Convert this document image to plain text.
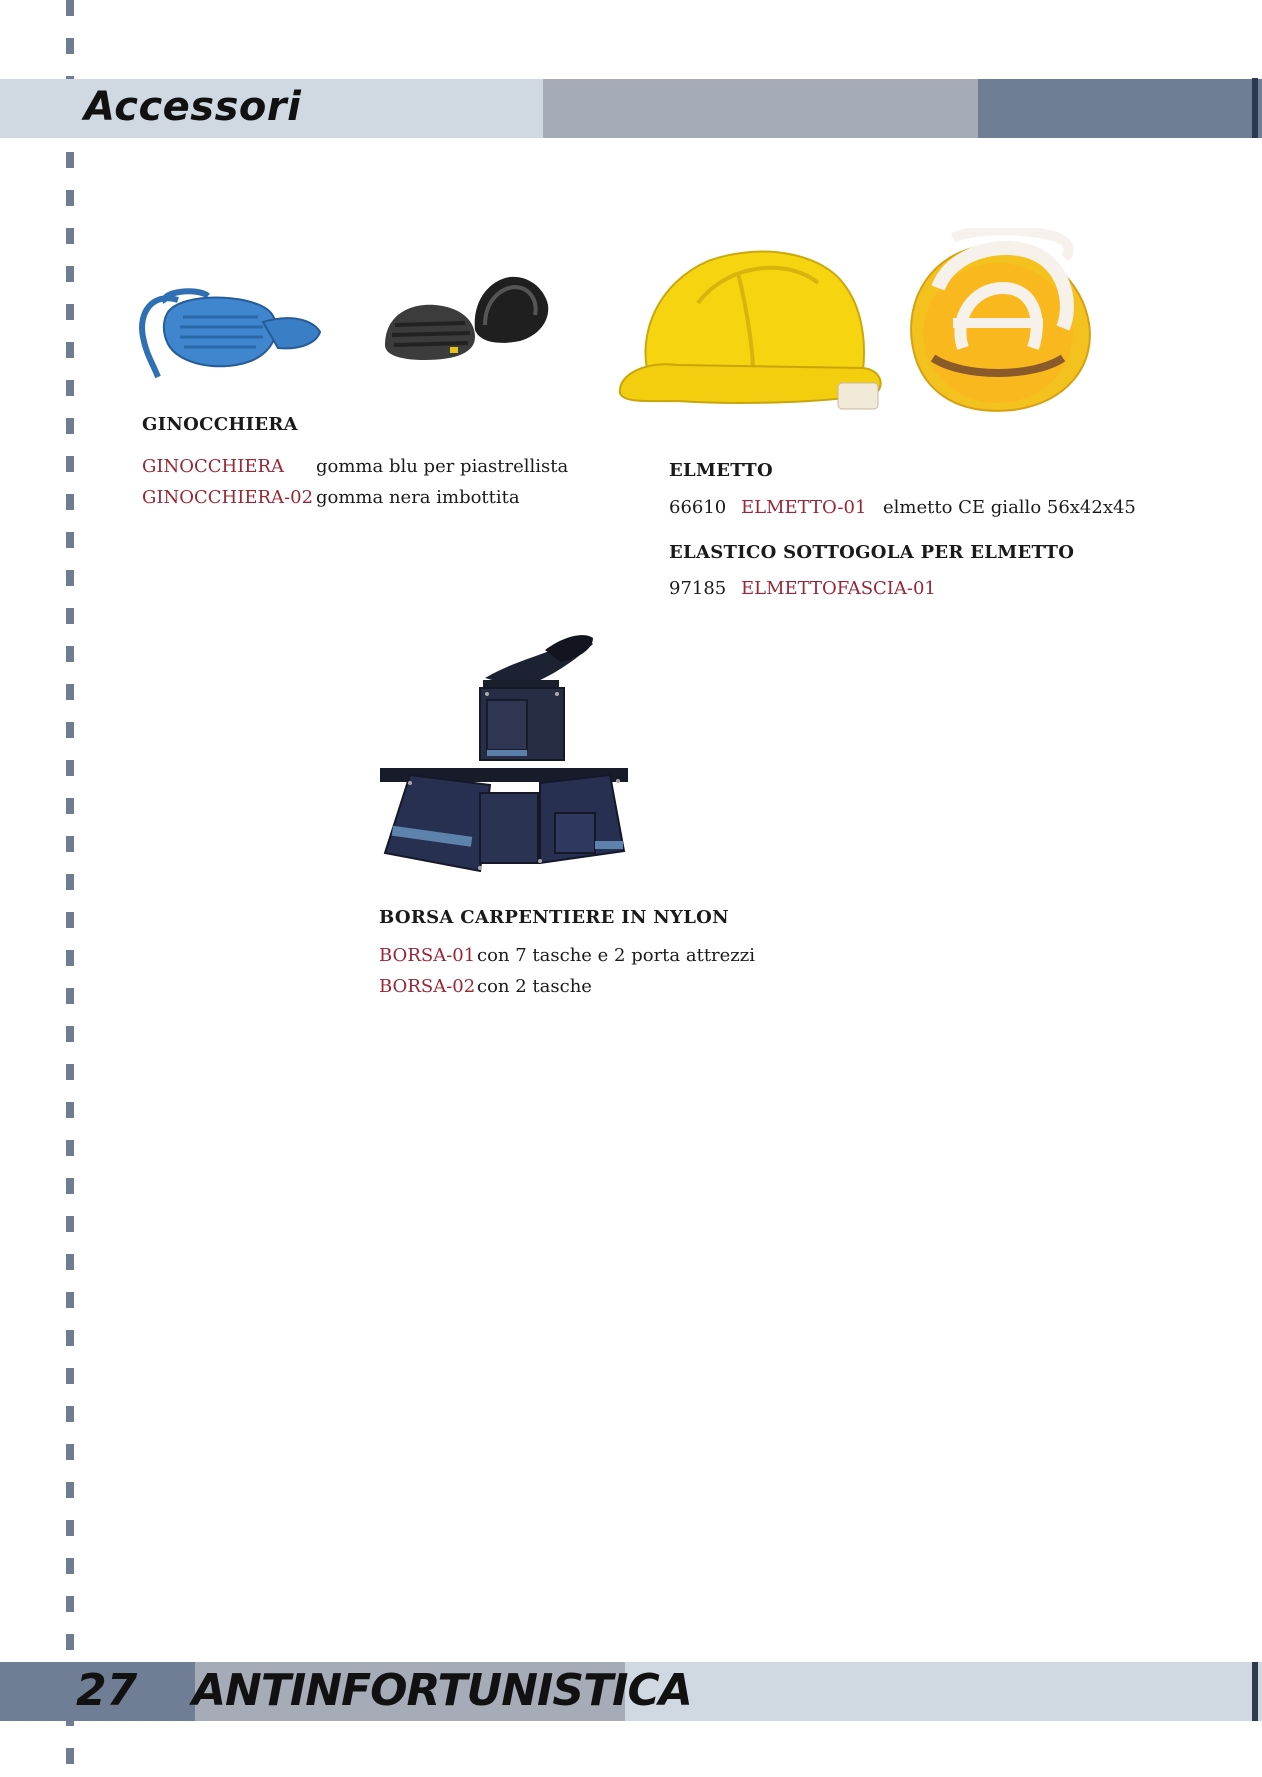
Accessori
27 ANTINFORTUNISTICA
GINOCCHIERA
GINOCCHIERA gomma blu per piastrellista
GINOCCHIERA-02 gomma nera imbottita
ELMETTO
66610 ELMETTO-01 elmetto CE giallo 56x42x45
ELASTICO SOTTOGOLA PER ELMETTO
97185 ELMETTOFASCIA-01
BORSA CARPENTIERE IN NYLON
BORSA-01 con 7 tasche e 2 porta attrezzi
BORSA-02 con 2 tasche
